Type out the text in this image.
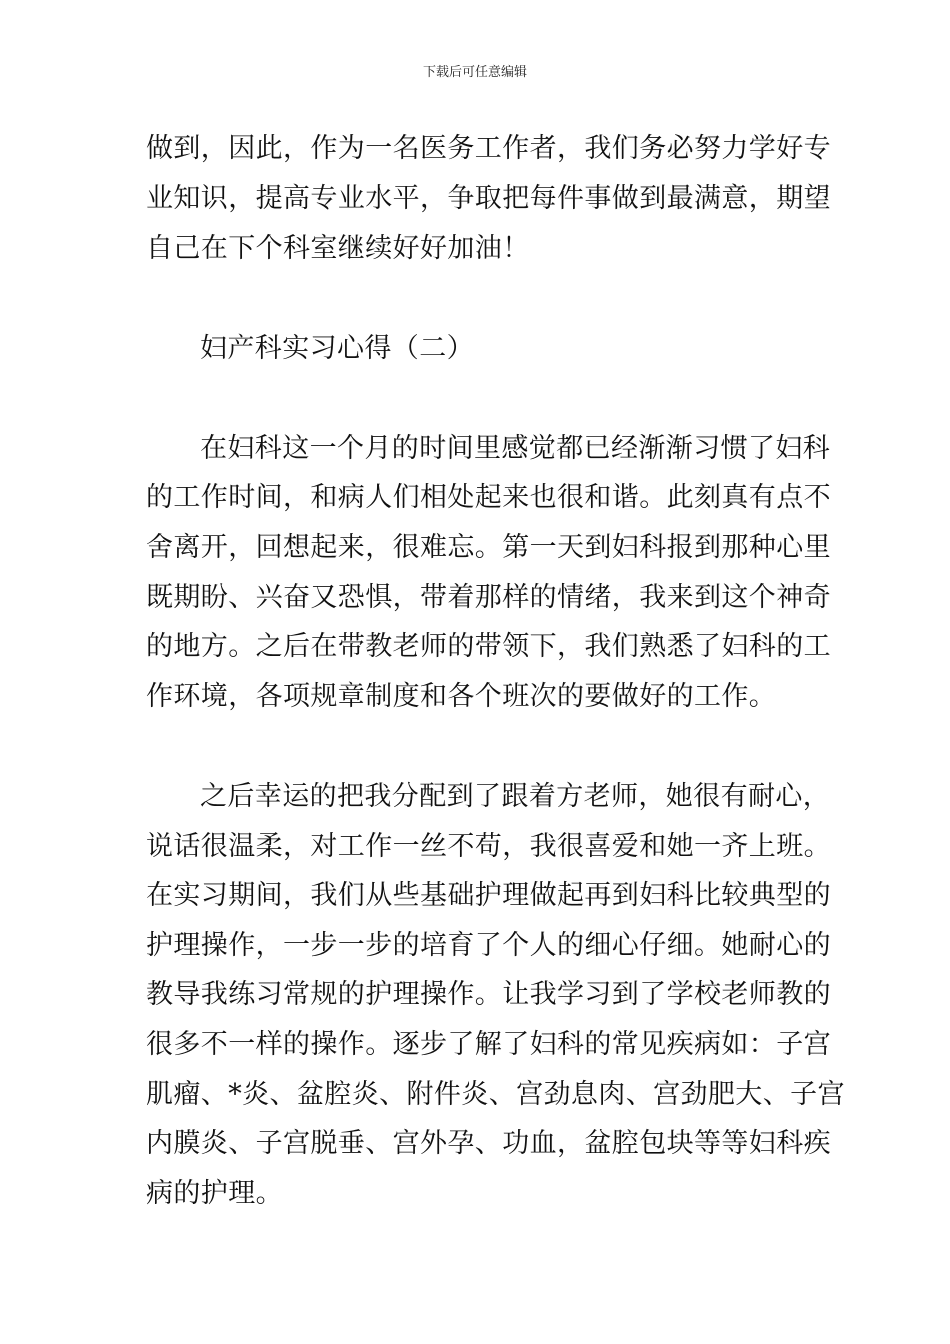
下载后可任意编辑
做到，因此，作为一名医务工作者，我们务必努力学好专
业知识，提高专业水平，争取把每件事做到最满意，期望
自己在下个科室继续好好加油！
妇产科实习心得（二）
在妇科这一个月的时间里感觉都已经渐渐习惯了妇科
的工作时间，和病人们相处起来也很和谐。此刻真有点不
舍离开，回想起来，很难忘。第一天到妇科报到那种心里
既期盼、兴奋又恐惧，带着那样的情绪，我来到这个神奇
的地方。之后在带教老师的带领下，我们熟悉了妇科的工
作环境，各项规章制度和各个班次的要做好的工作。
之后幸运的把我分配到了跟着方老师，她很有耐心，
说话很温柔，对工作一丝不苟，我很喜爱和她一齐上班。
在实习期间，我们从些基础护理做起再到妇科比较典型的
护理操作，一步一步的培育了个人的细心仔细。她耐心的
教导我练习常规的护理操作。让我学习到了学校老师教的
很多不一样的操作。逐步了解了妇科的常见疾病如：子宫
肌瘤、*炎、盆腔炎、附件炎、宫劲息肉、宫劲肥大、子宫
内膜炎、子宫脱垂、宫外孕、功血，盆腔包块等等妇科疾
病的护理。
